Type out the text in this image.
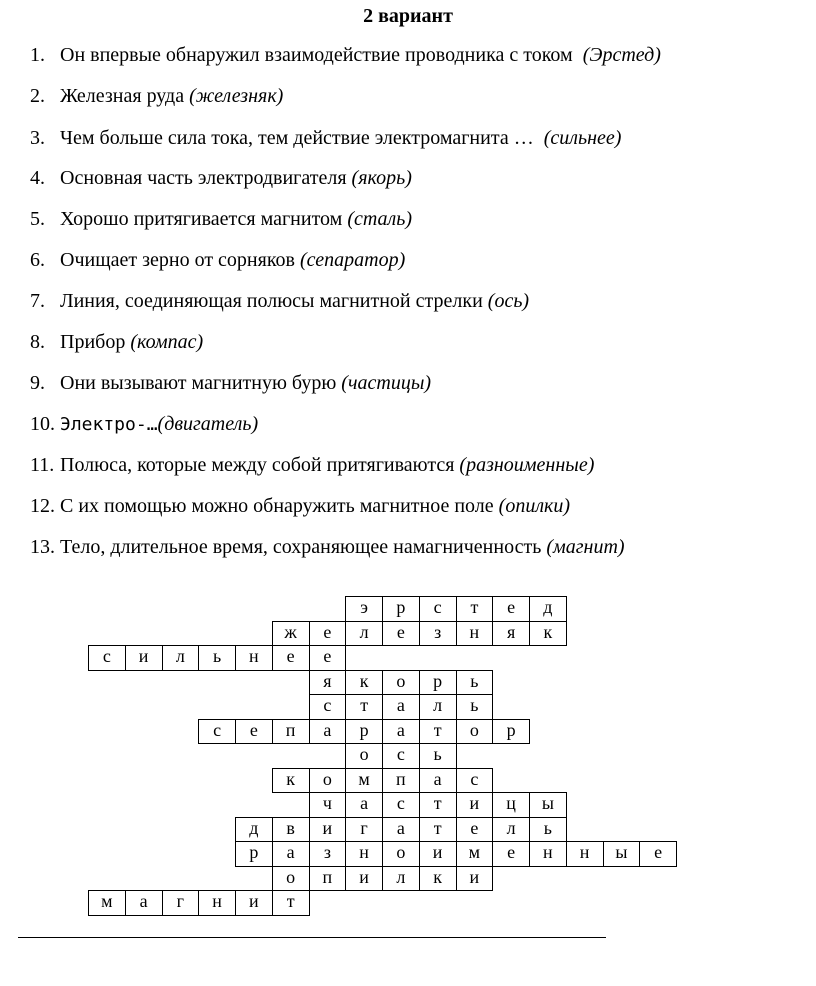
2 вариант
1. Он впервые обнаружил взаимодействие проводника с током  (Эрстед)
2. Железная руда (железняк)
3. Чем больше сила тока, тем действие электромагнита …  (сильнее)
4. Основная часть электродвигателя (якорь)
5. Хорошо притягивается магнитом (сталь)
6. Очищает зерно от сорняков (сепаратор)
7. Линия, соединяющая полюсы магнитной стрелки (ось)
8. Прибор (компас)
9. Они вызывают магнитную бурю (частицы)
10. Электро-…(двигатель)
11. Полюса, которые между собой притягиваются (разноименные)
12. С их помощью можно обнаружить магнитное поле (опилки)
13. Тело, длительное время, сохраняющее намагниченность (магнит)
э	р	с	т	е	д
ж	е	л	е	з	н	я	к
с	и	л	ь	н	е	е
я	к	о	р	ь
с	т	а	л	ь
с	е	п	а	р	а	т	о	р
о	с	ь
к	о	м	п	а	с
ч	а	с	т	и	ц	ы
д	в	и	г	а	т	е	л	ь
р	а	з	н	о	и	м	е	н	н	ы	е
о	п	и	л	к	и
м	а	г	н	и	т
